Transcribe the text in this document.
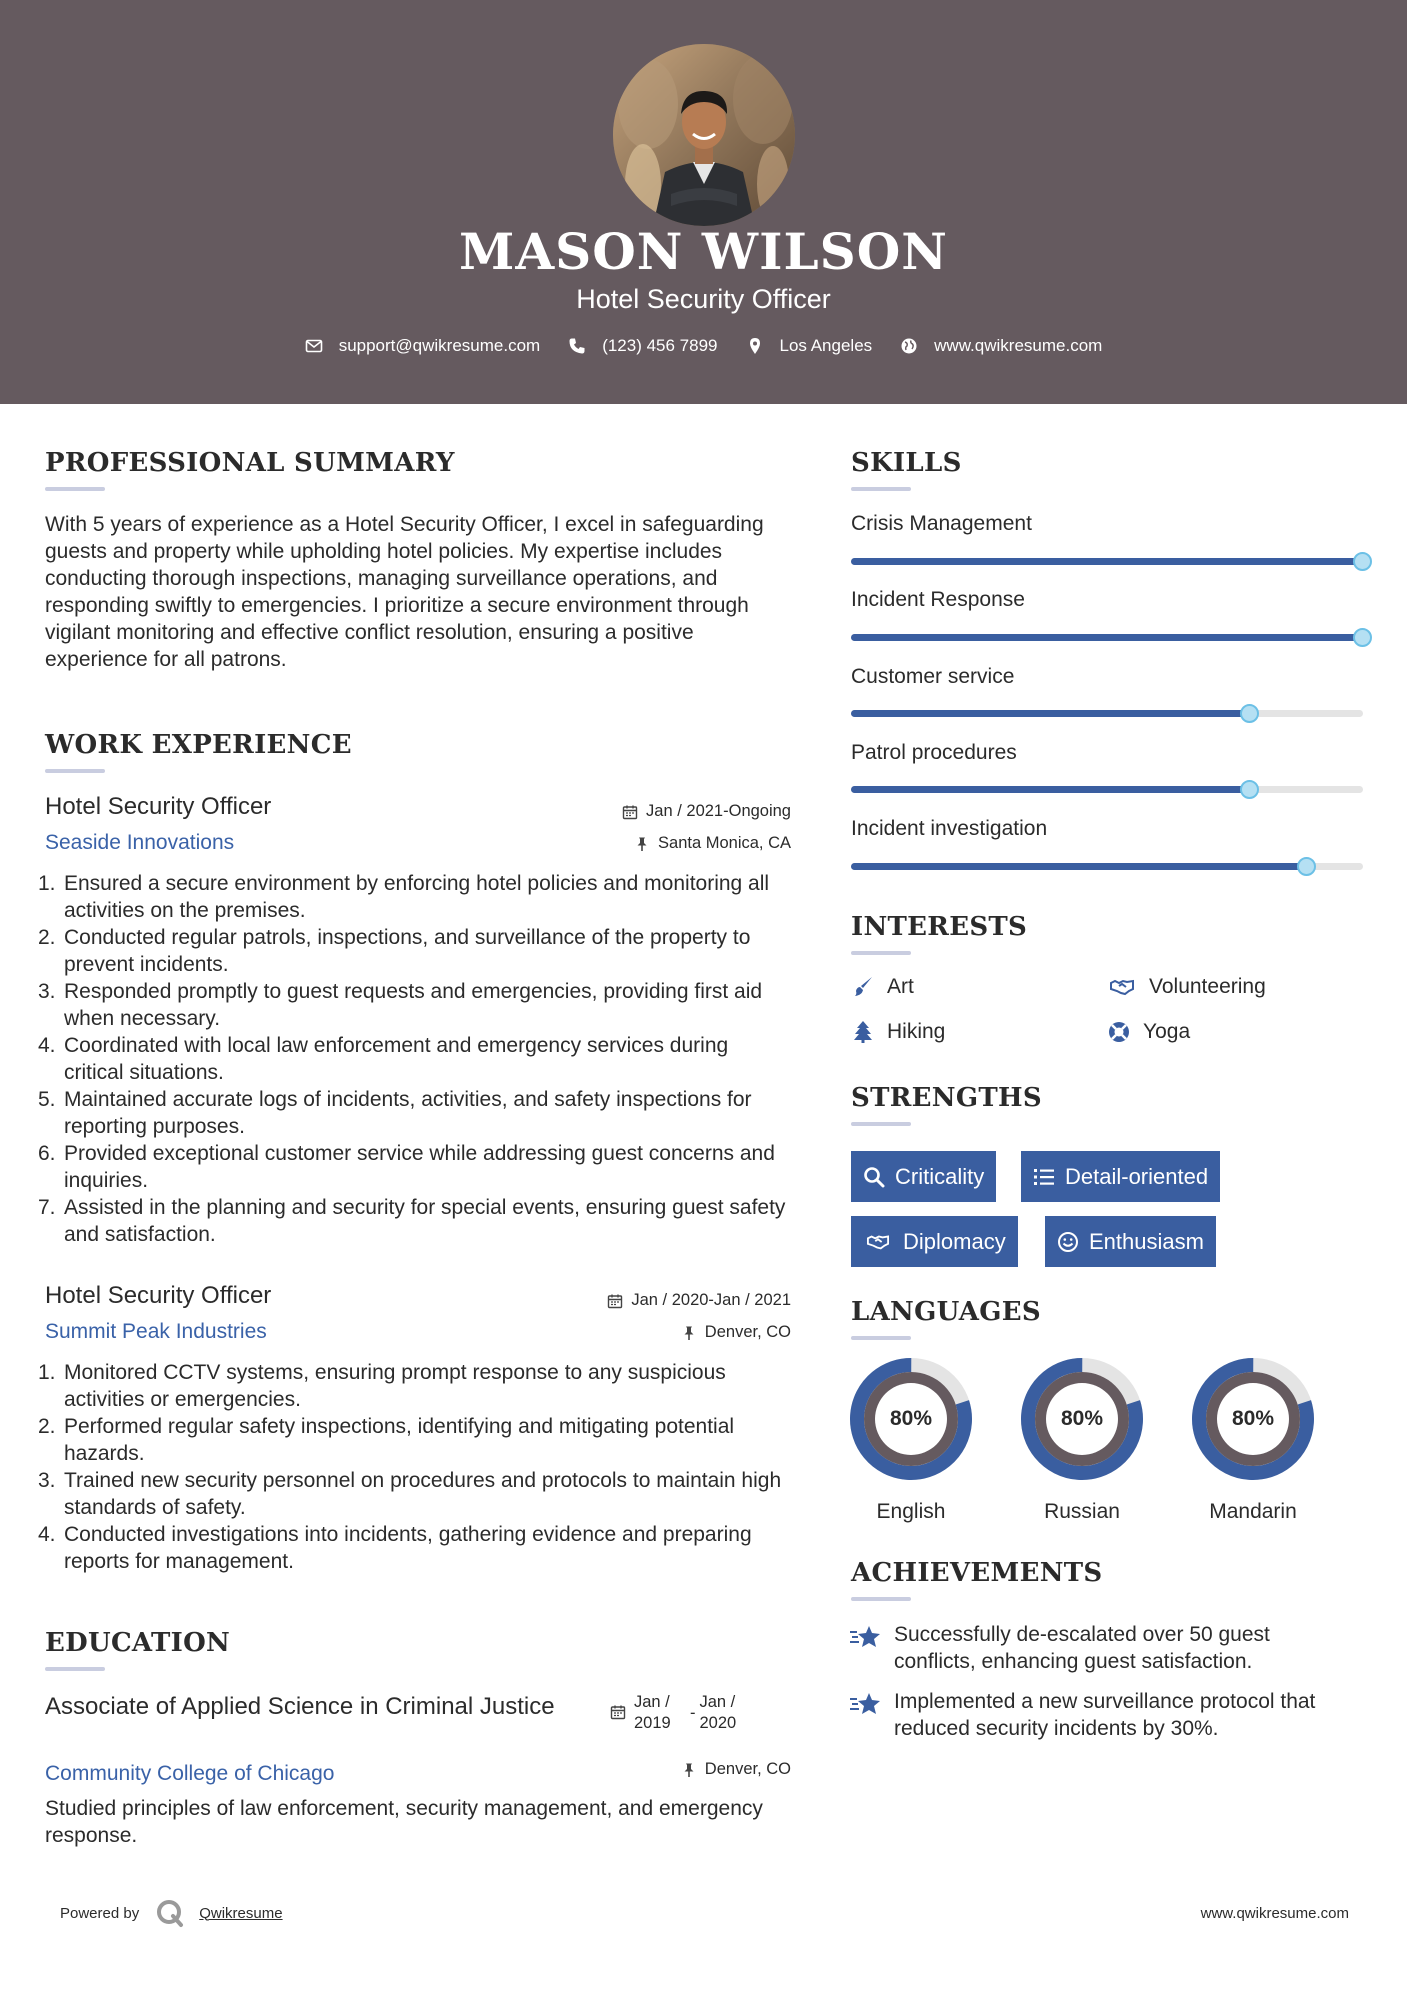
MASON WILSON
Hotel Security Officer
support@qwikresume.com	(123) 456 7899	Los Angeles	www.qwikresume.com
PROFESSIONAL SUMMARY
With 5 years of experience as a Hotel Security Officer, I excel in safeguarding guests and property while upholding hotel policies. My expertise includes conducting thorough inspections, managing surveillance operations, and responding swiftly to emergencies. I prioritize a secure environment through vigilant monitoring and effective conflict resolution, ensuring a positive experience for all patrons.
WORK EXPERIENCE
Hotel Security Officer	Jan / 2021-Ongoing
Seaside Innovations	Santa Monica, CA
1. Ensured a secure environment by enforcing hotel policies and monitoring all activities on the premises.
2. Conducted regular patrols, inspections, and surveillance of the property to prevent incidents.
3. Responded promptly to guest requests and emergencies, providing first aid when necessary.
4. Coordinated with local law enforcement and emergency services during critical situations.
5. Maintained accurate logs of incidents, activities, and safety inspections for reporting purposes.
6. Provided exceptional customer service while addressing guest concerns and inquiries.
7. Assisted in the planning and security for special events, ensuring guest safety and satisfaction.
Hotel Security Officer	Jan / 2020-Jan / 2021
Summit Peak Industries	Denver, CO
1. Monitored CCTV systems, ensuring prompt response to any suspicious activities or emergencies.
2. Performed regular safety inspections, identifying and mitigating potential hazards.
3. Trained new security personnel on procedures and protocols to maintain high standards of safety.
4. Conducted investigations into incidents, gathering evidence and preparing reports for management.
EDUCATION
Associate of Applied Science in Criminal Justice	Jan / 2019
-
Jan / 2020
Community College of Chicago	Denver, CO
Studied principles of law enforcement, security management, and emergency response.
SKILLS
Crisis Management
Incident Response
Customer service
Patrol procedures
Incident investigation
INTERESTS
Art	Volunteering
Hiking	Yoga
STRENGTHS
Criticality	Detail-oriented
Diplomacy	Enthusiasm
LANGUAGES
80%
English
80%
Russian
80%
Mandarin
ACHIEVEMENTS
Successfully de-escalated over 50 guest conflicts, enhancing guest satisfaction.
Implemented a new surveillance protocol that reduced security incidents by 30%.
Powered by	Qwikresume	www.qwikresume.com
